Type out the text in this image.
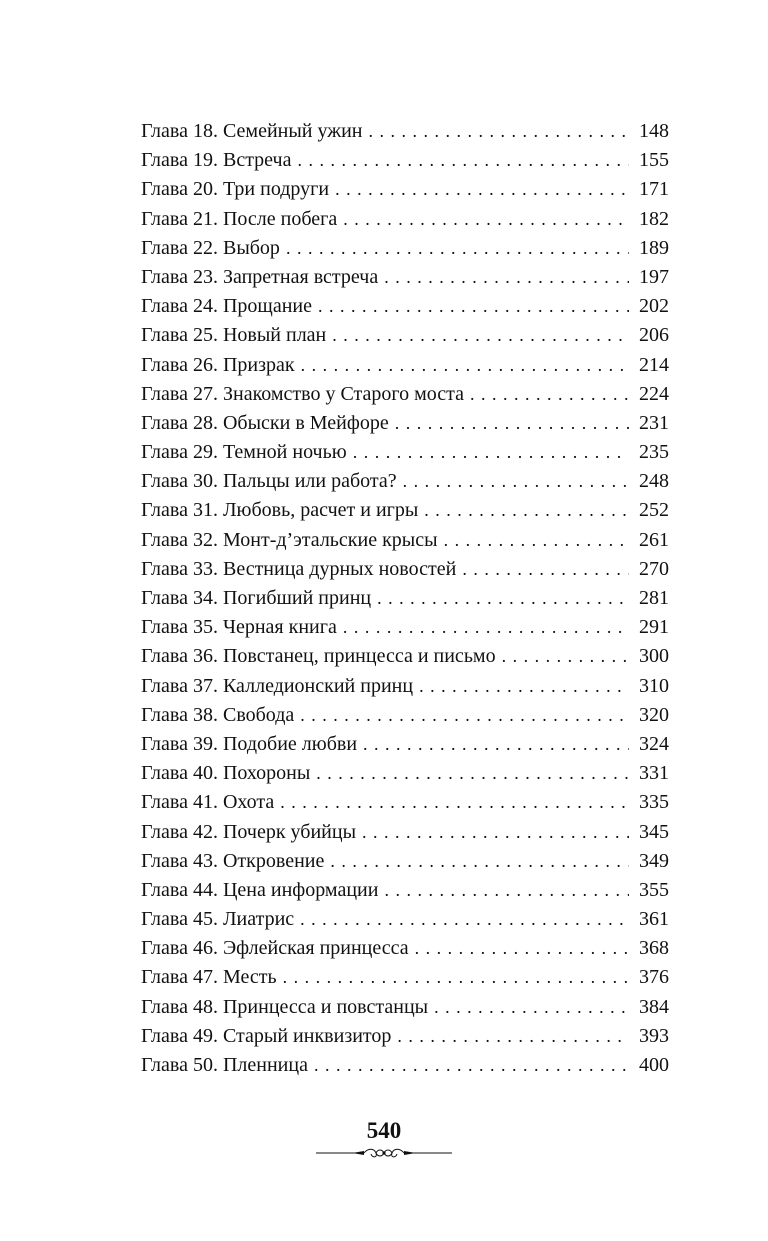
Глава 18. Семейный ужин . . .	148
Глава 19. Встреча . . .	155
Глава 20. Три подруги . . .	171
Глава 21. После побега . . .	182
Глава 22. Выбор . . .	189
Глава 23. Запретная встреча . . .	197
Глава 24. Прощание . . .	202
Глава 25. Новый план . . .	206
Глава 26. Призрак . . .	214
Глава 27. Знакомство у Старого моста . . .	224
Глава 28. Обыски в Мейфоре . . .	231
Глава 29. Темной ночью . . .	235
Глава 30. Пальцы или работа? . . .	248
Глава 31. Любовь, расчет и игры . . .	252
Глава 32. Монт-д’этальские крысы . . .	261
Глава 33. Вестница дурных новостей . . .	270
Глава 34. Погибший принц . . .	281
Глава 35. Черная книга . . .	291
Глава 36. Повстанец, принцесса и письмо . . .	300
Глава 37. Калледионский принц . . .	310
Глава 38. Свобода . . .	320
Глава 39. Подобие любви . . .	324
Глава 40. Похороны . . .	331
Глава 41. Охота . . .	335
Глава 42. Почерк убийцы . . .	345
Глава 43. Откровение . . .	349
Глава 44. Цена информации . . .	355
Глава 45. Лиатрис . . .	361
Глава 46. Эфлейская принцесса . . .	368
Глава 47. Месть . . .	376
Глава 48. Принцесса и повстанцы . . .	384
Глава 49. Старый инквизитор . . .	393
Глава 50. Пленница . . .	400
540
